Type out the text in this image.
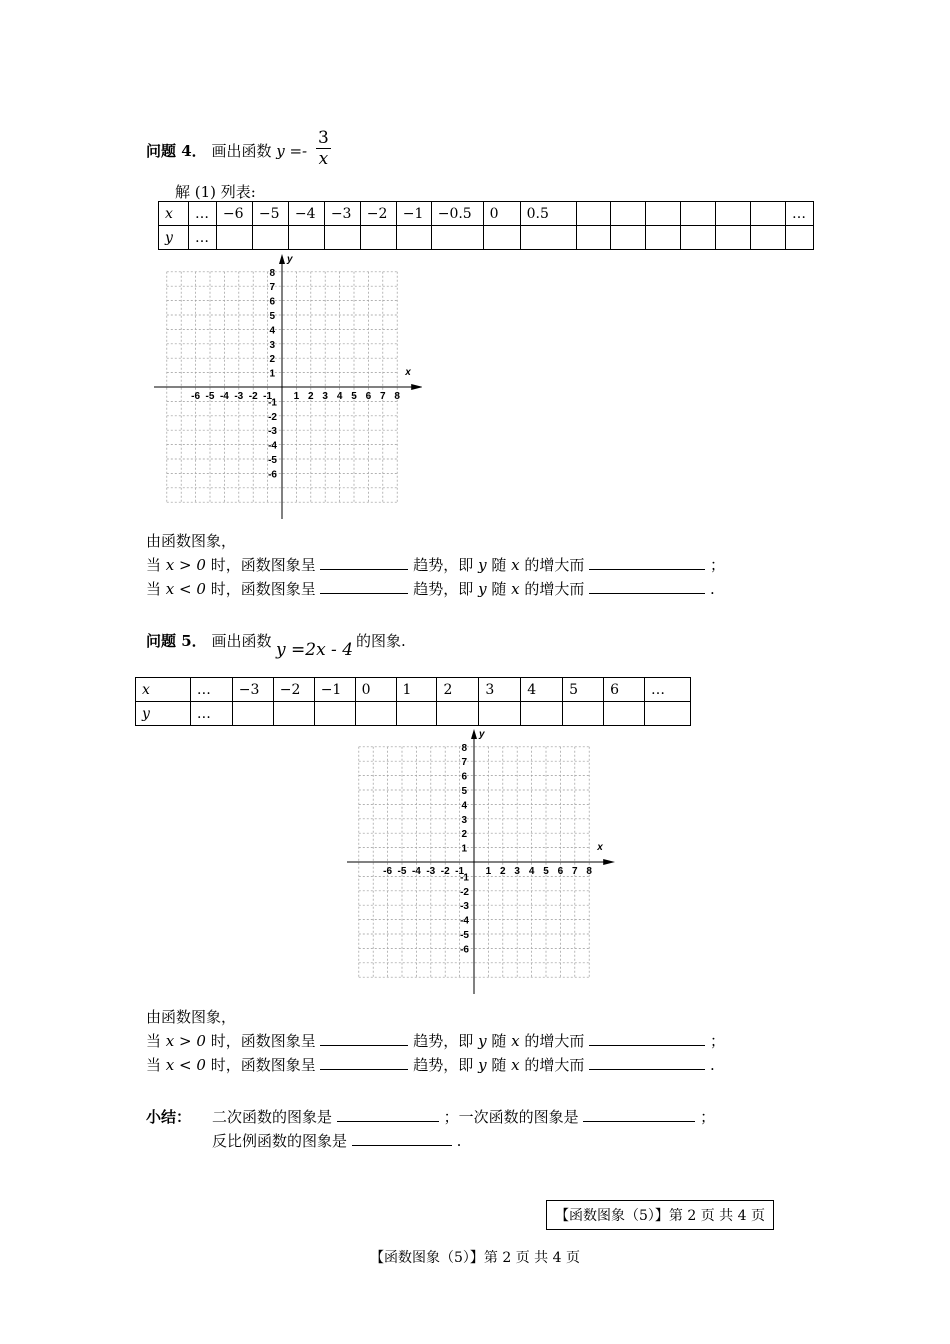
问题 4． 画出函数 $y =- \frac{3}{x}$
解 (1) 列表:
x	…	−6	−5	−4	−3	−2	−1	−0.5	0	0.5							…
y	…																
x
y
-6 -5 -4 -3 -2 -1 1 2 3 4 5 6 7 8
8
7
6
5
4
3
2
1
-1
-2
-3
-4
-5
-6
由函数图象，
当 x > 0 时，函数图象呈	趋势，即 y 随 x 的增大而	；
当 x < 0 时，函数图象呈	趋势，即 y 随 x 的增大而	.
问题 5． 画出函数 y =2x - 4 的图象.
x	…	−3	−2	−1	0	1	2	3	4	5	6	…
y	…											
x
y
-6 -5 -4 -3 -2 -1 1 2 3 4 5 6 7 8
8
7
6
5
4
3
2
1
-1
-2
-3
-4
-5
-6
由函数图象，
当 x > 0 时，函数图象呈	趋势，即 y 随 x 的增大而	；
当 x < 0 时，函数图象呈	趋势，即 y 随 x 的增大而	.
小结： 二次函数的图象是	；一次函数的图象是	；
反比例函数的图象是	.
【函数图象（5）】第 2 页 共 4 页
【函数图象（5）】第 2 页 共 4 页
